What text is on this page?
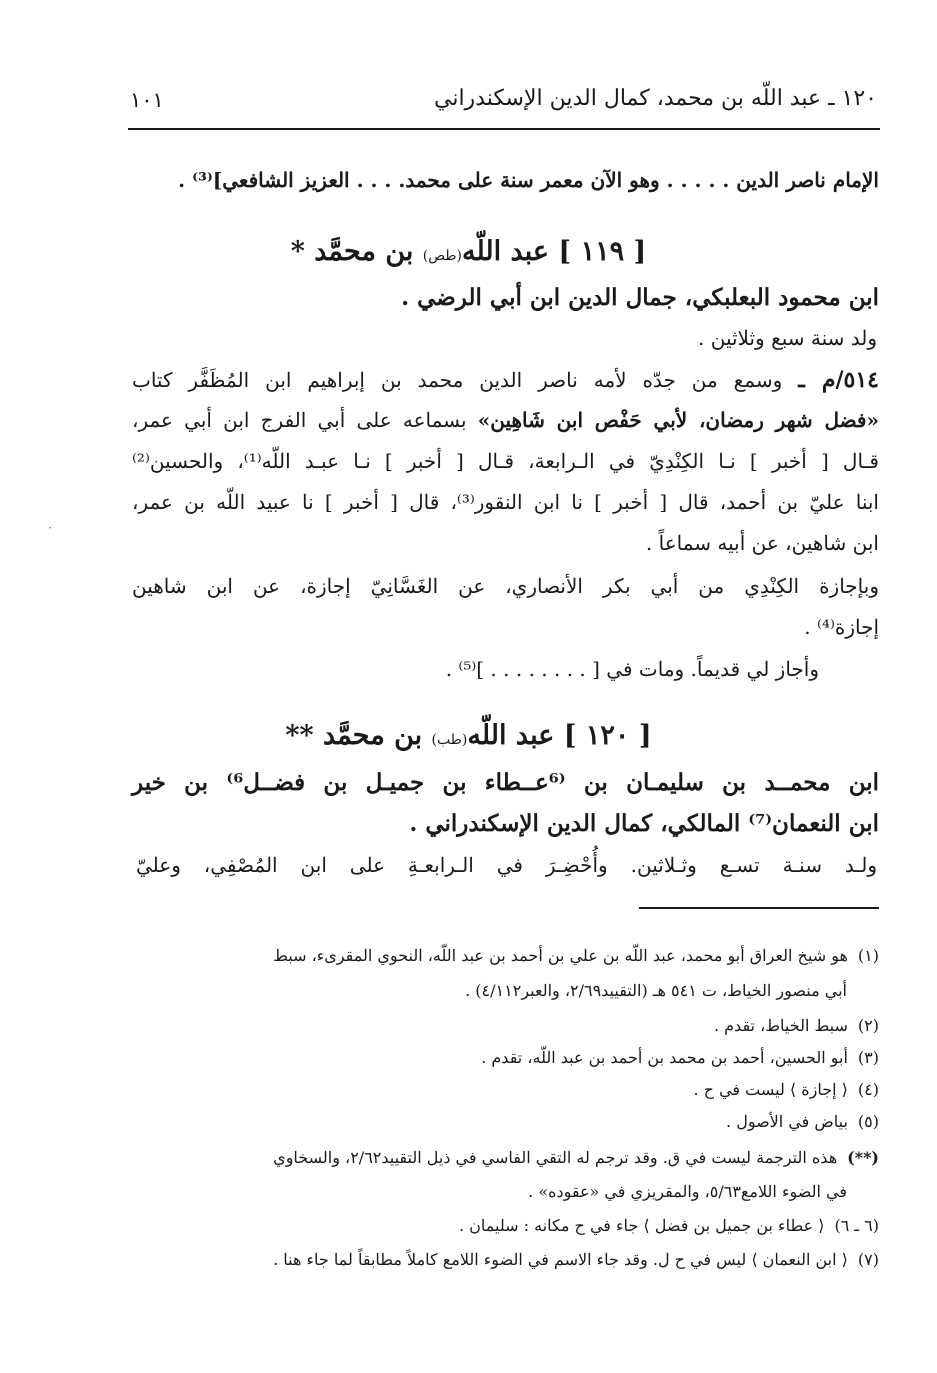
١٢٠ ـ عبد اللّه بن محمد، كمال الدين الإسكندراني
١٠١
الإمام ناصر الدين . . . . . وهو الآن معمر سنة على محمد. . . . العزيز الشافعي]⁽³⁾ .
[ ١١٩ ] عبد اللّه(طص) بن محمَّد *
ابن محمود البعلبكي، جمال الدين ابن أبي الرضي .
ولد سنة سبع وثلاثين .
٥١٤/م ـ وسمع من جدّه لأمه ناصر الدين محمد بن إبراهيم ابن المُظَفَّر كتاب
«فضل شهر رمضان، لأبي حَفْص ابن شَاهِين» بسماعه على أبي الفرج ابن أبي عمر،
قـال [ أخبر ] نـا الكِنْدِيّ في الـرابعة، قـال [ أخبر ] نـا عبـد اللّه⁽¹⁾، والحسين⁽²⁾
ابنا عليّ بن أحمد، قال [ أخبر ] نا ابن النقور⁽³⁾، قال [ أخبر ] نا عبيد اللّه بن عمر،
ابن شاهين، عن أبيه سماعاً .
وبإجازة الكِنْدِي من أبي بكر الأنصاري، عن الغَسَّانِيّ إجازة، عن ابن شاهين
إجازة⁽⁴⁾ .
وأجاز لي قديماً. ومات في [ . . . . . . . . ]⁽⁵⁾ .
[ ١٢٠ ] عبد اللّه(طب) بن محمَّد **
ابن محمــد بن سليمـان بن ⁽⁶عــطاء بن جميـل بن فضــل⁶⁾ بن خير
ابن النعمان⁽⁷⁾ المالكي، كمال الدين الإسكندراني .
ولـد سنـة تسـع وثـلاثين. وأُحْضِـرَ في الـرابعـةِ على ابن المُصْفِي، وعليّ
(١)هو شيخ العراق أبو محمد، عبد اللّه بن علي بن أحمد بن عبد اللّه، النحوي المقرىء، سبط
أبي منصور الخياط، ت ٥٤١ هـ (التقييد٢/٦٩، والعبر٤/١١٢) .
(٢)سبط الخياط، تقدم .
(٣)أبو الحسين، أحمد بن محمد بن أحمد بن عبد اللّه، تقدم .
(٤)⟨ إجازة ⟩ ليست في ح .
(٥)بياض في الأصول .
(**)هذه الترجمة ليست في ق. وقد ترجم له التقي الفاسي في ذيل التقييد٢/٦٢، والسخاوي
في الضوء اللامع٥/٦٣، والمقريزي في «عقوده» .
(٦ ـ ٦)⟨ عطاء بن جميل بن فضل ⟩ جاء في ح مكانه : سليمان .
(٧)⟨ ابن النعمان ⟩ ليس في ح ل. وقد جاء الاسم في الضوء اللامع كاملاً مطابقاً لما جاء هنا .
٠
